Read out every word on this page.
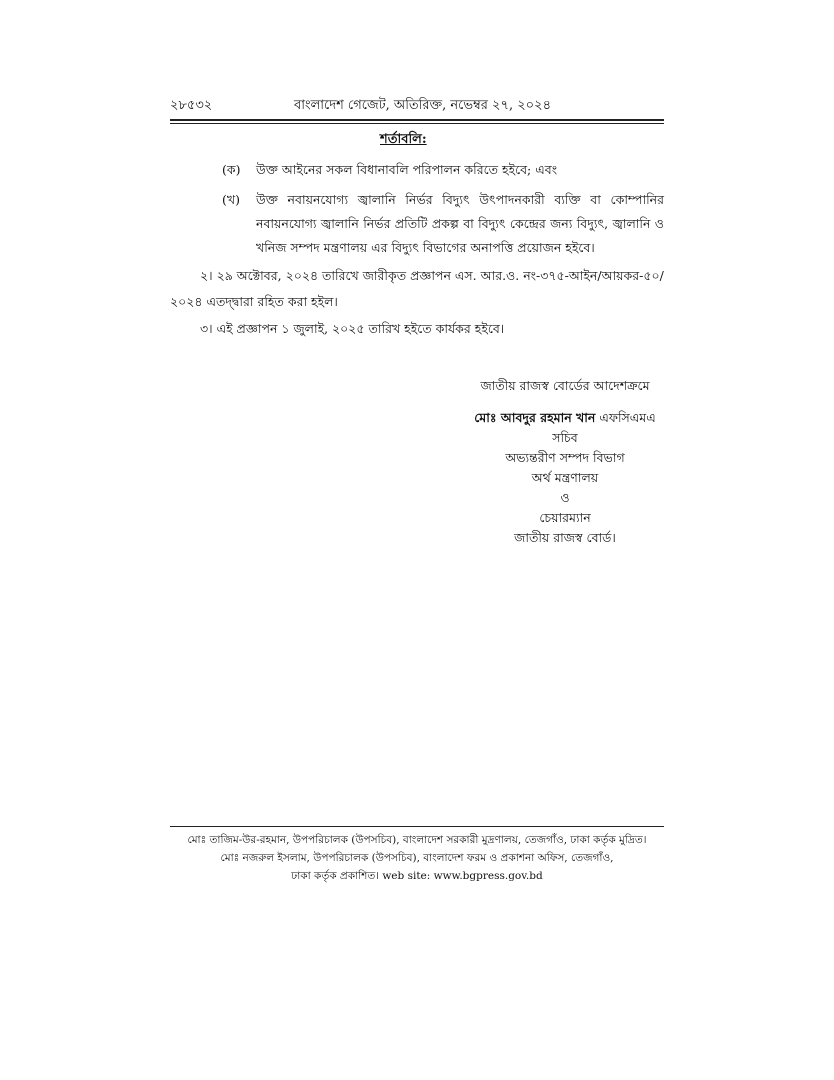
২৮৫৩২	বাংলাদেশ গেজেট, অতিরিক্ত, নভেম্বর ২৭, ২০২৪
শর্তাবলি:
(ক) উক্ত আইনের সকল বিধানাবলি পরিপালন করিতে হইবে; এবং
(খ) উক্ত নবায়নযোগ্য জ্বালানি নির্ভর বিদ্যুৎ উৎপাদনকারী ব্যক্তি বা কোম্পানির নবায়নযোগ্য জ্বালানি নির্ভর প্রতিটি প্রকল্প বা বিদ্যুৎ কেন্দ্রের জন্য বিদ্যুৎ, জ্বালানি ও খনিজ সম্পদ মন্ত্রণালয় এর বিদ্যুৎ বিভাগের অনাপত্তি প্রয়োজন হইবে।
২। ২৯ অক্টোবর, ২০২৪ তারিখে জারীকৃত প্রজ্ঞাপন এস. আর.ও. নং-৩৭৫-আইন/আয়কর-৫০/
২০২৪ এতদ্দ্বারা রহিত করা হইল।
৩। এই প্রজ্ঞাপন ১ জুলাই, ২০২৫ তারিখ হইতে কার্যকর হইবে।
জাতীয় রাজস্ব বোর্ডের আদেশক্রমে
মোঃ আবদুর রহমান খান এফসিএমএ
সচিব
অভ্যন্তরীণ সম্পদ বিভাগ
অর্থ মন্ত্রণালয়
ও
চেয়ারম্যান
জাতীয় রাজস্ব বোর্ড।
মোঃ তাজিম-উর-রহমান, উপপরিচালক (উপসচিব), বাংলাদেশ সরকারী মুদ্রণালয়, তেজগাঁও, ঢাকা কর্তৃক মুদ্রিত।
মোঃ নজরুল ইসলাম, উপপরিচালক (উপসচিব), বাংলাদেশ ফরম ও প্রকাশনা অফিস, তেজগাঁও,
ঢাকা কর্তৃক প্রকাশিত। web site: www.bgpress.gov.bd
